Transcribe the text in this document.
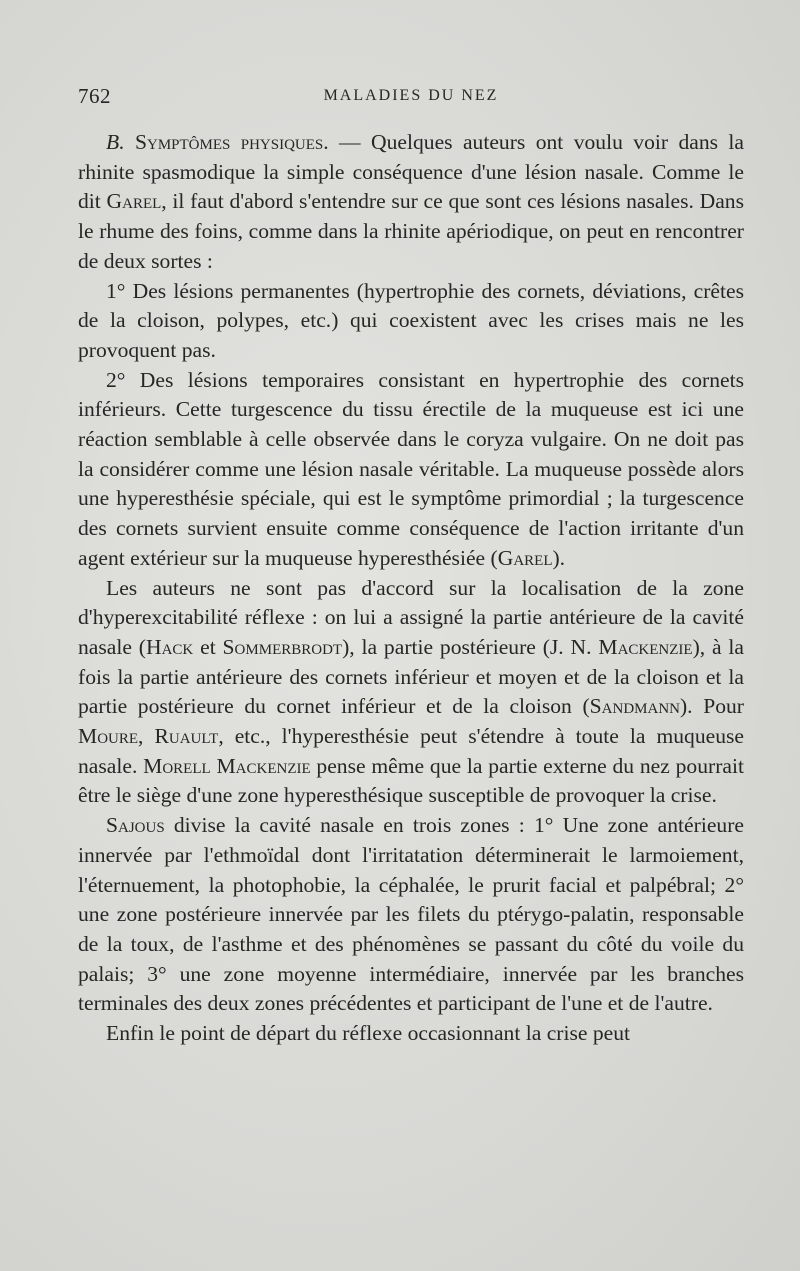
762	MALADIES DU NEZ

B. Symptômes physiques. — Quelques auteurs ont voulu voir dans la rhinite spasmodique la simple conséquence d'une lésion nasale. Comme le dit Garel, il faut d'abord s'entendre sur ce que sont ces lésions nasales. Dans le rhume des foins, comme dans la rhinite apériodique, on peut en rencontrer de deux sortes :

1° Des lésions permanentes (hypertrophie des cornets, déviations, crêtes de la cloison, polypes, etc.) qui coexistent avec les crises mais ne les provoquent pas.

2° Des lésions temporaires consistant en hypertrophie des cornets inférieurs. Cette turgescence du tissu érectile de la muqueuse est ici une réaction semblable à celle observée dans le coryza vulgaire. On ne doit pas la considérer comme une lésion nasale véritable. La muqueuse possède alors une hyperesthésie spéciale, qui est le symptôme primordial ; la turgescence des cornets survient ensuite comme conséquence de l'action irritante d'un agent extérieur sur la muqueuse hyperesthésiée (Garel).

Les auteurs ne sont pas d'accord sur la localisation de la zone d'hyperexcitabilité réflexe : on lui a assigné la partie antérieure de la cavité nasale (Hack et Sommerbrodt), la partie postérieure (J. N. Mackenzie), à la fois la partie antérieure des cornets inférieur et moyen et de la cloison et la partie postérieure du cornet inférieur et de la cloison (Sandmann). Pour Moure, Ruault, etc., l'hyperesthésie peut s'étendre à toute la muqueuse nasale. Morell Mackenzie pense même que la partie externe du nez pourrait être le siège d'une zone hyperesthésique susceptible de provoquer la crise.

Sajous divise la cavité nasale en trois zones : 1° Une zone antérieure innervée par l'ethmoïdal dont l'irritatation déterminerait le larmoiement, l'éternuement, la photophobie, la céphalée, le prurit facial et palpébral; 2° une zone postérieure innervée par les filets du ptérygo-palatin, responsable de la toux, de l'asthme et des phénomènes se passant du côté du voile du palais; 3° une zone moyenne intermédiaire, innervée par les branches terminales des deux zones précédentes et participant de l'une et de l'autre.

Enfin le point de départ du réflexe occasionnant la crise peut
